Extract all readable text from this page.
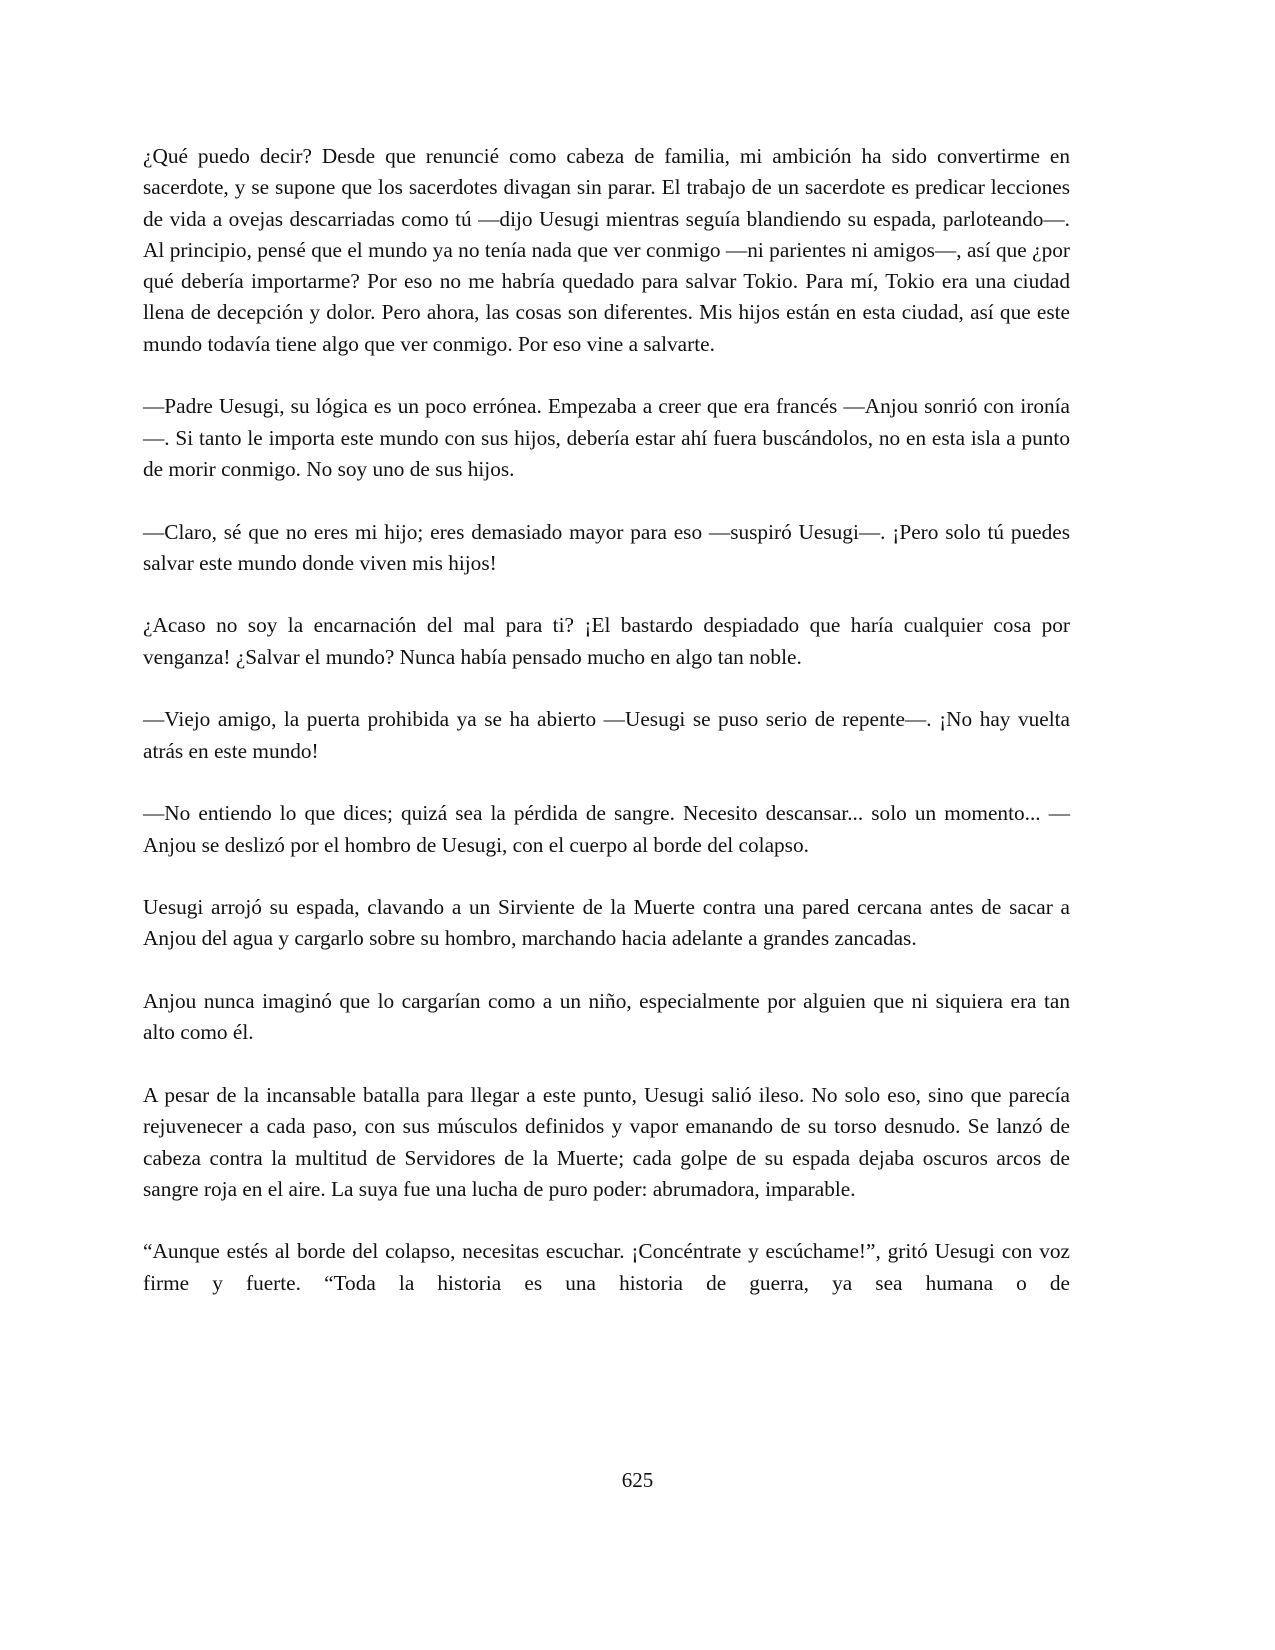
¿Qué puedo decir? Desde que renuncié como cabeza de familia, mi ambición ha sido convertirme en sacerdote, y se supone que los sacerdotes divagan sin parar. El trabajo de un sacerdote es predicar lecciones de vida a ovejas descarriadas como tú —dijo Uesugi mientras seguía blandiendo su espada, parloteando—. Al principio, pensé que el mundo ya no tenía nada que ver conmigo —ni parientes ni amigos—, así que ¿por qué debería importarme? Por eso no me habría quedado para salvar Tokio. Para mí, Tokio era una ciudad llena de decepción y dolor. Pero ahora, las cosas son diferentes. Mis hijos están en esta ciudad, así que este mundo todavía tiene algo que ver conmigo. Por eso vine a salvarte.

—Padre Uesugi, su lógica es un poco errónea. Empezaba a creer que era francés —Anjou sonrió con ironía—. Si tanto le importa este mundo con sus hijos, debería estar ahí fuera buscándolos, no en esta isla a punto de morir conmigo. No soy uno de sus hijos.

—Claro, sé que no eres mi hijo; eres demasiado mayor para eso —suspiró Uesugi—. ¡Pero solo tú puedes salvar este mundo donde viven mis hijos!

¿Acaso no soy la encarnación del mal para ti? ¡El bastardo despiadado que haría cualquier cosa por venganza! ¿Salvar el mundo? Nunca había pensado mucho en algo tan noble.

—Viejo amigo, la puerta prohibida ya se ha abierto —Uesugi se puso serio de repente—. ¡No hay vuelta atrás en este mundo!

—No entiendo lo que dices; quizá sea la pérdida de sangre. Necesito descansar... solo un momento... —Anjou se deslizó por el hombro de Uesugi, con el cuerpo al borde del colapso.

Uesugi arrojó su espada, clavando a un Sirviente de la Muerte contra una pared cercana antes de sacar a Anjou del agua y cargarlo sobre su hombro, marchando hacia adelante a grandes zancadas.

Anjou nunca imaginó que lo cargarían como a un niño, especialmente por alguien que ni siquiera era tan alto como él.

A pesar de la incansable batalla para llegar a este punto, Uesugi salió ileso. No solo eso, sino que parecía rejuvenecer a cada paso, con sus músculos definidos y vapor emanando de su torso desnudo. Se lanzó de cabeza contra la multitud de Servidores de la Muerte; cada golpe de su espada dejaba oscuros arcos de sangre roja en el aire. La suya fue una lucha de puro poder: abrumadora, imparable.

“Aunque estés al borde del colapso, necesitas escuchar. ¡Concéntrate y escúchame!”, gritó Uesugi con voz firme y fuerte. “Toda la historia es una historia de guerra, ya sea humana o de

625
